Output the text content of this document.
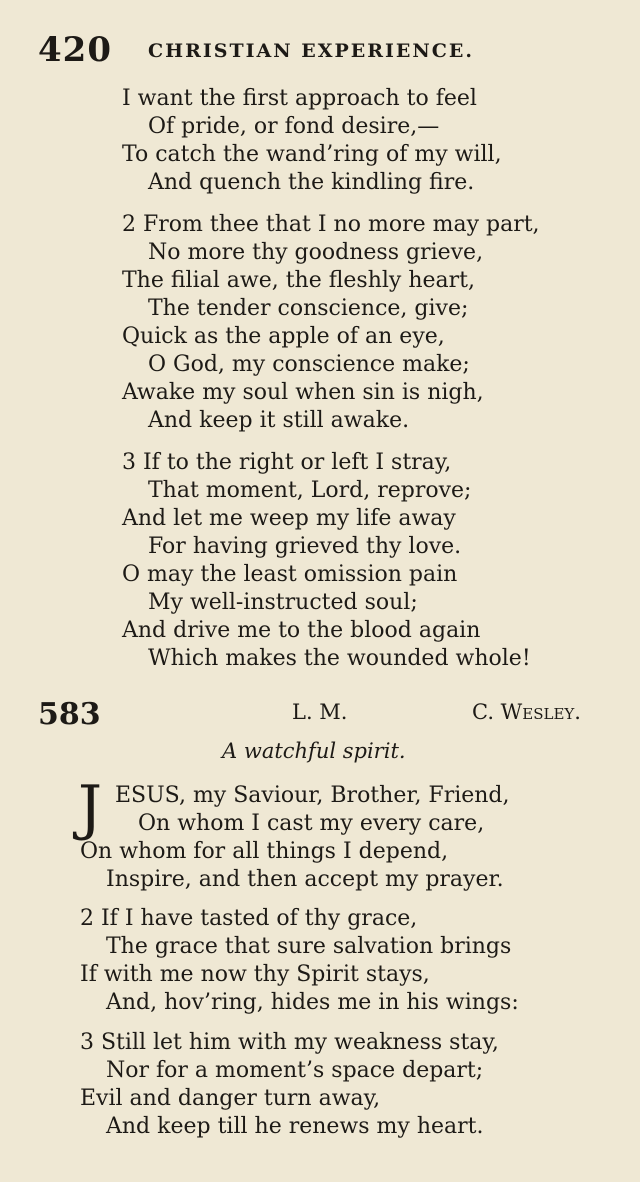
420 CHRISTIAN EXPERIENCE.
I want the first approach to feel
Of pride, or fond desire,—
To catch the wand’ring of my will,
And quench the kindling fire.
2 From thee that I no more may part,
No more thy goodness grieve,
The filial awe, the fleshly heart,
The tender conscience, give;
Quick as the apple of an eye,
O God, my conscience make;
Awake my soul when sin is nigh,
And keep it still awake.
3 If to the right or left I stray,
That moment, Lord, reprove;
And let me weep my life away
For having grieved thy love.
O may the least omission pain
My well-instructed soul;
And drive me to the blood again
Which makes the wounded whole!
583	L. M.	C. Wesley.
A watchful spirit.
J ESUS, my Saviour, Brother, Friend,
On whom I cast my every care,
On whom for all things I depend,
Inspire, and then accept my prayer.
2 If I have tasted of thy grace,
The grace that sure salvation brings
If with me now thy Spirit stays,
And, hov’ring, hides me in his wings:
3 Still let him with my weakness stay,
Nor for a moment’s space depart;
Evil and danger turn away,
And keep till he renews my heart.
